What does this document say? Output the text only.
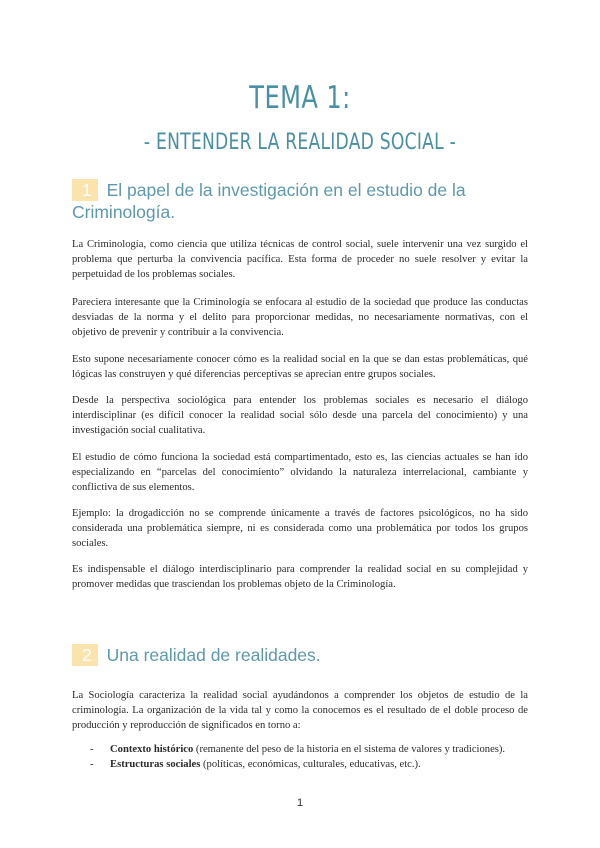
TEMA 1:
- ENTENDER LA REALIDAD SOCIAL -
1 El papel de la investigación en el estudio de la Criminología.

La Criminología, como ciencia que utiliza técnicas de control social, suele intervenir una vez surgido el problema que perturba la convivencia pacífica. Esta forma de proceder no suele resolver y evitar la perpetuidad de los problemas sociales.

Pareciera interesante que la Criminología se enfocara al estudio de la sociedad que produce las conductas desviadas de la norma y el delito para proporcionar medidas, no necesariamente normativas, con el objetivo de prevenir y contribuir a la convivencia.

Esto supone necesariamente conocer cómo es la realidad social en la que se dan estas problemáticas, qué lógicas las construyen y qué diferencias perceptivas se aprecian entre grupos sociales.

Desde la perspectiva sociológica para entender los problemas sociales es necesario el diálogo interdisciplinar (es difícil conocer la realidad social sólo desde una parcela del conocimiento) y una investigación social cualitativa.

El estudio de cómo funciona la sociedad está compartimentado, esto es, las ciencias actuales se han ido especializando en “parcelas del conocimiento” olvidando la naturaleza interrelacional, cambiante y conflictiva de sus elementos.

Ejemplo: la drogadicción no se comprende únicamente a través de factores psicológicos, no ha sido considerada una problemática siempre, ni es considerada como una problemática por todos los grupos sociales.

Es indispensable el diálogo interdisciplinario para comprender la realidad social en su complejidad y promover medidas que trasciendan los problemas objeto de la Criminología.

2 Una realidad de realidades.

La Sociología caracteriza la realidad social ayudándonos a comprender los objetos de estudio de la criminología. La organización de la vida tal y como la conocemos es el resultado de el doble proceso de producción y reproducción de significados en torno a:

- Contexto histórico (remanente del peso de la historia en el sistema de valores y tradiciones).
- Estructuras sociales (políticas, económicas, culturales, educativas, etc.).
1
